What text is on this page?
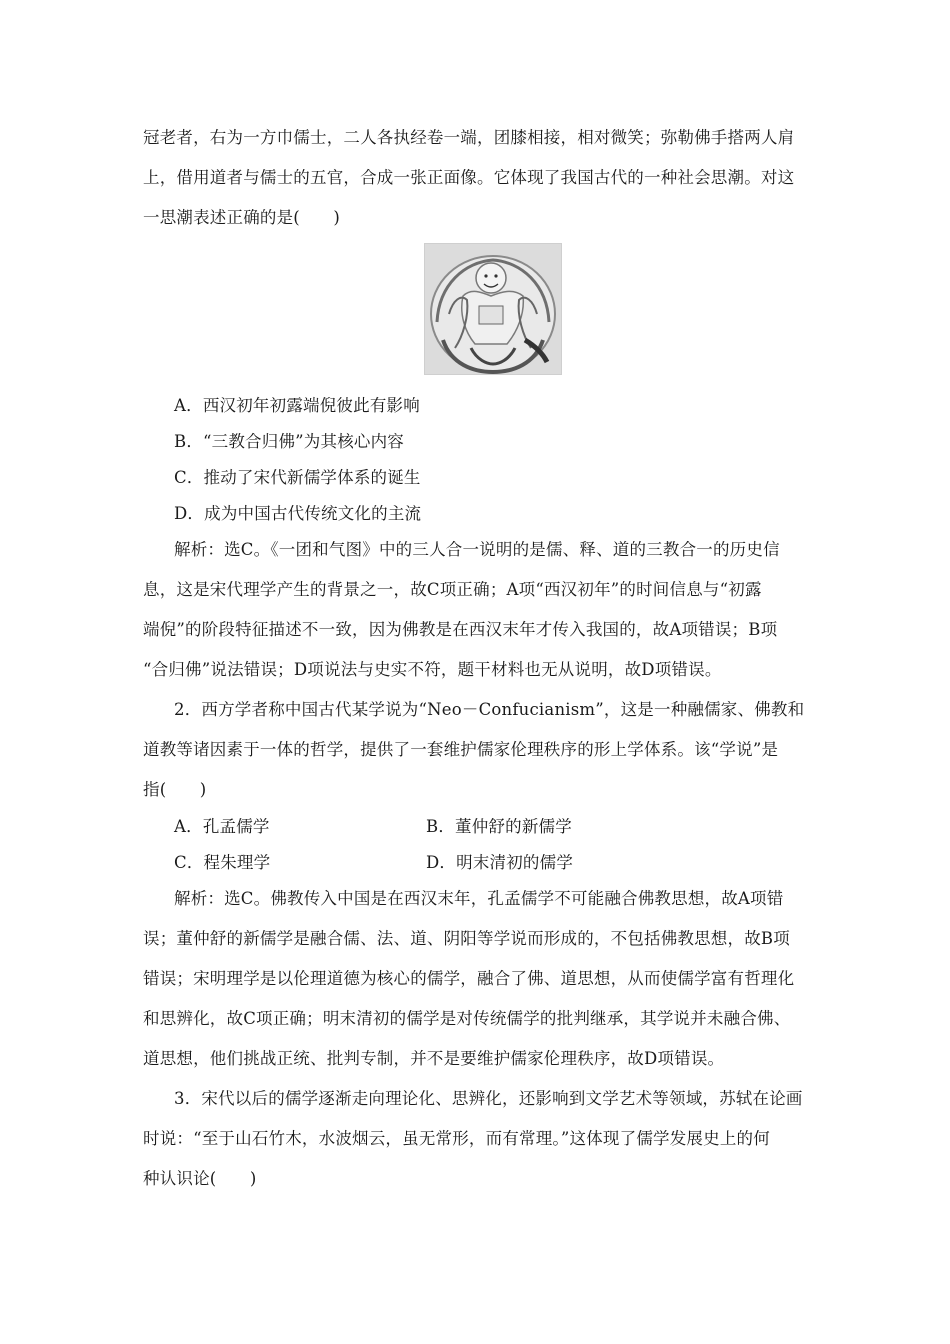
冠老者，右为一方巾儒士，二人各执经卷一端，团膝相接，相对微笑；弥勒佛手搭两人肩
上，借用道者与儒士的五官，合成一张正面像。它体现了我国古代的一种社会思潮。对这
一思潮表述正确的是(　　)
A．西汉初年初露端倪彼此有影响
B．“三教合归佛”为其核心内容
C．推动了宋代新儒学体系的诞生
D．成为中国古代传统文化的主流
解析：选C。《一团和气图》中的三人合一说明的是儒、释、道的三教合一的历史信
息，这是宋代理学产生的背景之一，故C项正确；A项“西汉初年”的时间信息与“初露
端倪”的阶段特征描述不一致，因为佛教是在西汉末年才传入我国的，故A项错误；B项
“合归佛”说法错误；D项说法与史实不符，题干材料也无从说明，故D项错误。
2．西方学者称中国古代某学说为“Neo－Confucianism”，这是一种融儒家、佛教和
道教等诸因素于一体的哲学，提供了一套维护儒家伦理秩序的形上学体系。该“学说”是
指(　　)
A．孔孟儒学	B．董仲舒的新儒学
C．程朱理学	D．明末清初的儒学
解析：选C。佛教传入中国是在西汉末年，孔孟儒学不可能融合佛教思想，故A项错
误；董仲舒的新儒学是融合儒、法、道、阴阳等学说而形成的，不包括佛教思想，故B项
错误；宋明理学是以伦理道德为核心的儒学，融合了佛、道思想，从而使儒学富有哲理化
和思辨化，故C项正确；明末清初的儒学是对传统儒学的批判继承，其学说并未融合佛、
道思想，他们挑战正统、批判专制，并不是要维护儒家伦理秩序，故D项错误。
3．宋代以后的儒学逐渐走向理论化、思辨化，还影响到文学艺术等领域，苏轼在论画
时说：“至于山石竹木，水波烟云，虽无常形，而有常理。”这体现了儒学发展史上的何
种认识论(　　)
